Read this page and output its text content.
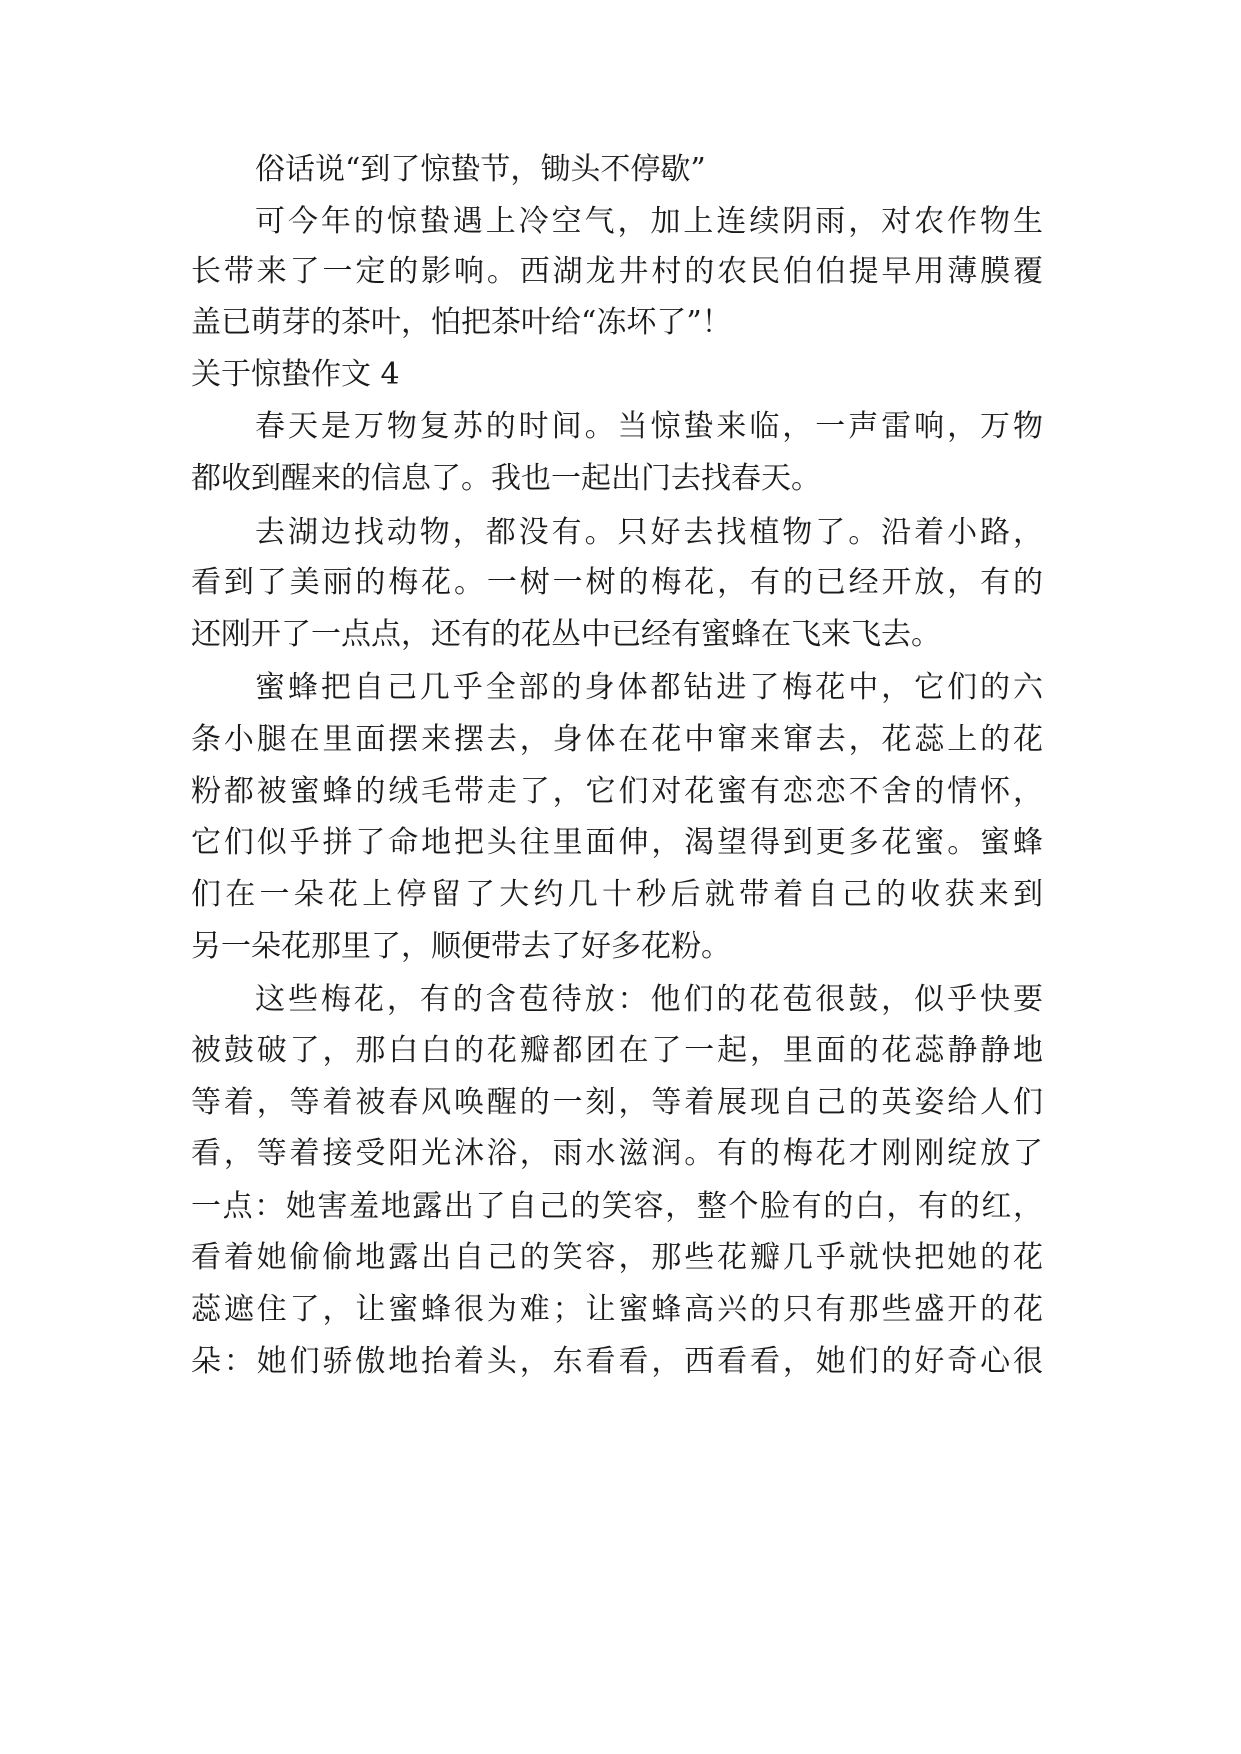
俗话说“到了惊蛰节，锄头不停歇”
可今年的惊蛰遇上冷空气，加上连续阴雨，对农作物生
长带来了一定的影响。西湖龙井村的农民伯伯提早用薄膜覆
盖已萌芽的茶叶，怕把茶叶给“冻坏了”！
关于惊蛰作文 4
春天是万物复苏的时间。当惊蛰来临，一声雷响，万物
都收到醒来的信息了。我也一起出门去找春天。
去湖边找动物，都没有。只好去找植物了。沿着小路，
看到了美丽的梅花。一树一树的梅花，有的已经开放，有的
还刚开了一点点，还有的花丛中已经有蜜蜂在飞来飞去。
蜜蜂把自己几乎全部的身体都钻进了梅花中，它们的六
条小腿在里面摆来摆去，身体在花中窜来窜去，花蕊上的花
粉都被蜜蜂的绒毛带走了，它们对花蜜有恋恋不舍的情怀，
它们似乎拼了命地把头往里面伸，渴望得到更多花蜜。蜜蜂
们在一朵花上停留了大约几十秒后就带着自己的收获来到
另一朵花那里了，顺便带去了好多花粉。
这些梅花，有的含苞待放：他们的花苞很鼓，似乎快要
被鼓破了，那白白的花瓣都团在了一起，里面的花蕊静静地
等着，等着被春风唤醒的一刻，等着展现自己的英姿给人们
看，等着接受阳光沐浴，雨水滋润。有的梅花才刚刚绽放了
一点：她害羞地露出了自己的笑容，整个脸有的白，有的红，
看着她偷偷地露出自己的笑容，那些花瓣几乎就快把她的花
蕊遮住了，让蜜蜂很为难；让蜜蜂高兴的只有那些盛开的花
朵：她们骄傲地抬着头，东看看，西看看，她们的好奇心很
